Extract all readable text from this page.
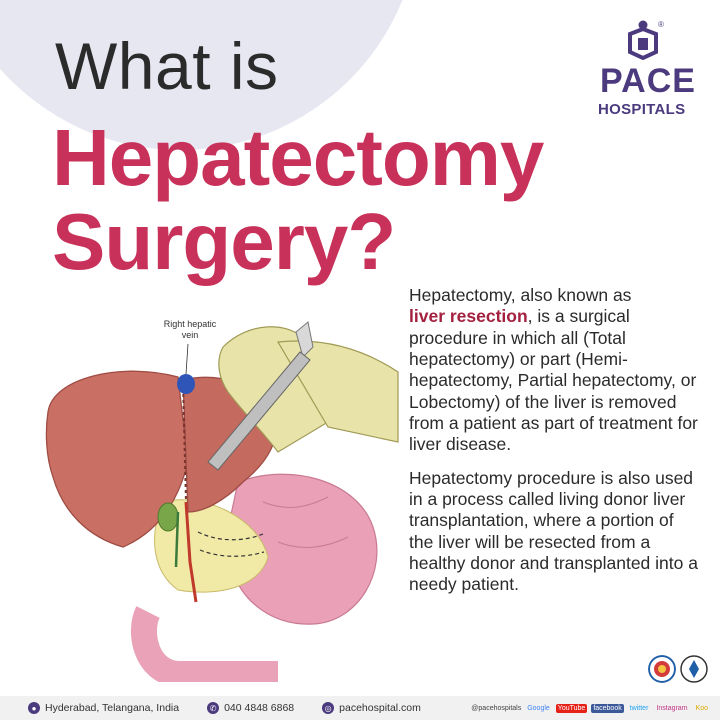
What is
Hepatectomy
Surgery?
®
PACE
HOSPITALS
Right hepatic
vein

Hepatectomy, also known as
liver resection, is a surgical procedure in which all (Total hepatectomy) or part (Hemi-hepatectomy, Partial hepatectomy, or Lobectomy) of the liver is removed from a patient as part of treatment for liver disease.

Hepatectomy procedure is also used in a process called living donor liver transplantation, where a portion of the liver will be resected from a healthy donor and transplanted into a needy patient.

● Hyderabad, Telangana, India	✆ 040 4848 6868	◎ pacehospital.com	@pacehospitals Google YouTube facebook twitter Instagram Koo
